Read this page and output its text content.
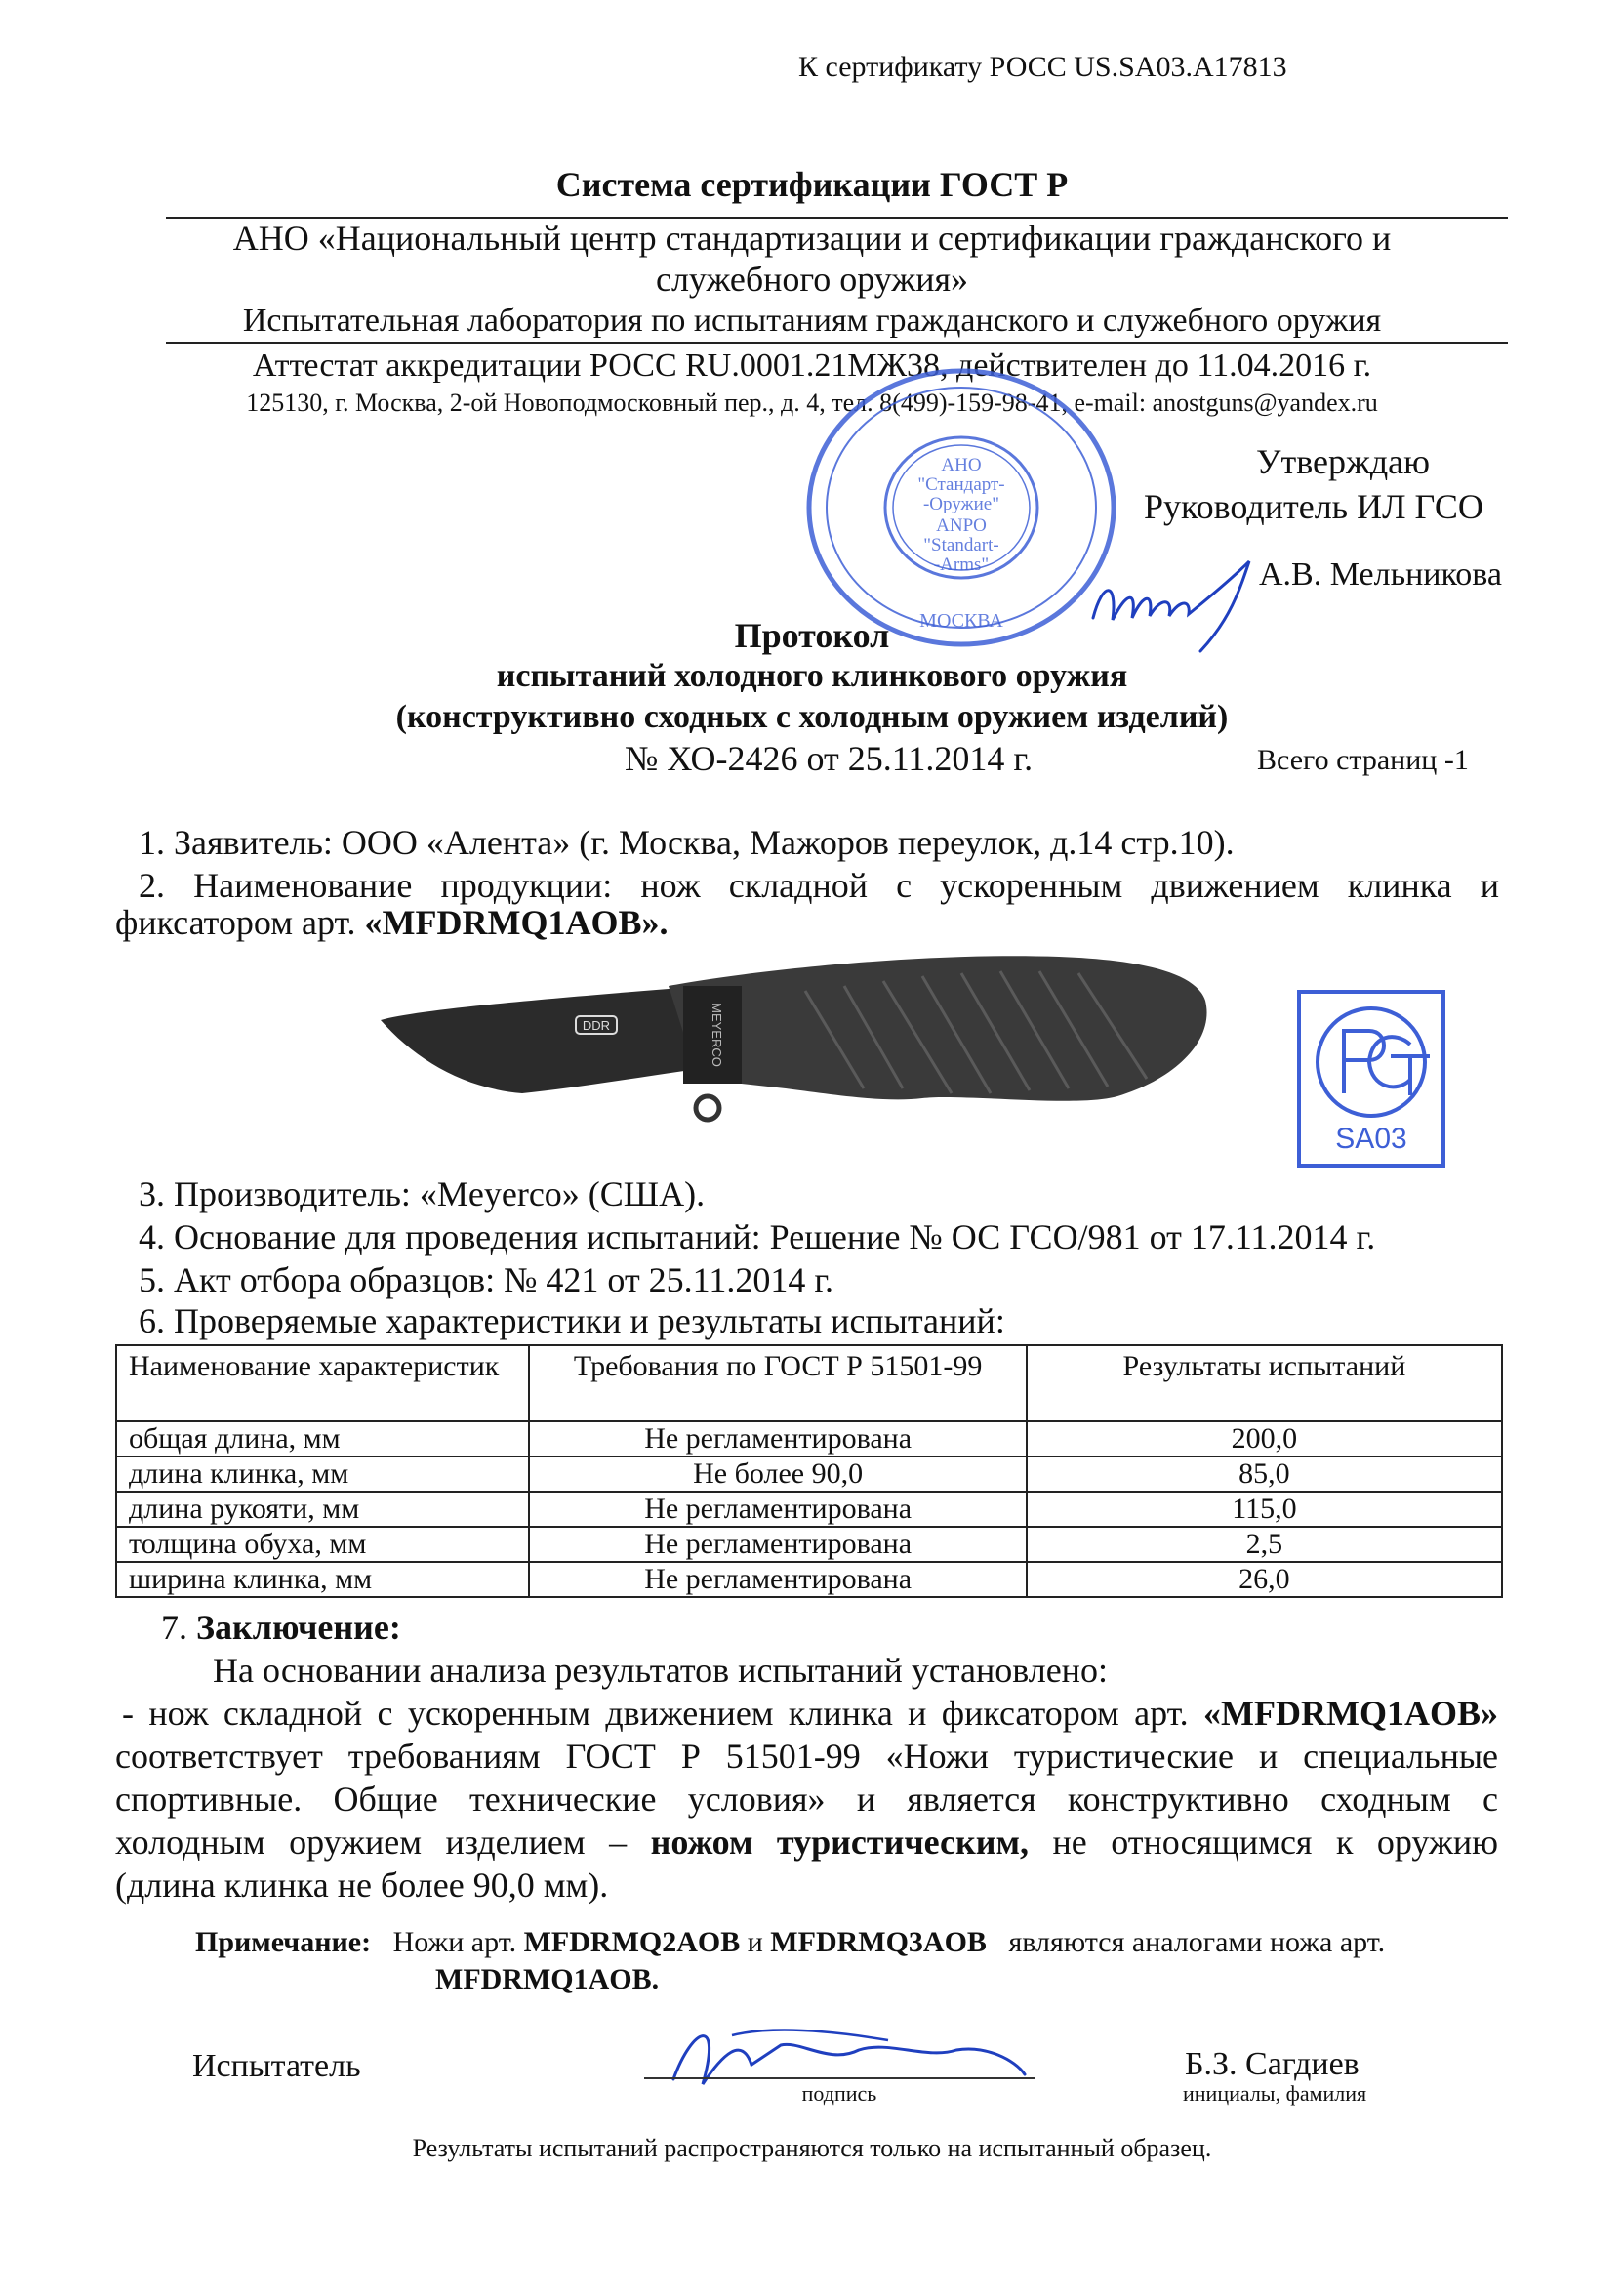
К сертификату РОСС US.SA03.A17813
Система сертификации ГОСТ Р
АНО «Национальный центр стандартизации и сертификации гражданского и
служебного оружия»
Испытательная лаборатория по испытаниям гражданского и служебного оружия
Аттестат аккредитации РОСС RU.0001.21МЖ38, действителен до 11.04.2016 г.
125130, г. Москва, 2-ой Новоподмосковный пер., д. 4, тел. 8(499)-159-98-41, e-mail: anostguns@yandex.ru
АНО
"Стандарт-
-Оружие"
ANPO
"Standart-
-Arms"
МОСКВА
Утверждаю
Руководитель ИЛ ГСО
А.В. Мельникова
Протокол
испытаний холодного клинкового оружия
(конструктивно сходных с холодным оружием изделий)
№ ХО-2426 от 25.11.2014 г.	Всего страниц -1
1. Заявитель: ООО «Алента» (г. Москва, Мажоров переулок, д.14 стр.10).
2. Наименование продукции: нож складной с ускоренным движением клинка и
фиксатором арт. «MFDRMQ1AOB».
DDR	MEYERCO
SA03
3. Производитель: «Meyerco» (США).
4. Основание для проведения испытаний: Решение № ОС ГСО/981 от 17.11.2014 г.
5. Акт отбора образцов: № 421 от 25.11.2014 г.
6. Проверяемые характеристики и результаты испытаний:
Наименование характеристик	Требования по ГОСТ Р 51501-99	Результаты испытаний
общая длина, мм	Не регламентирована	200,0
длина клинка, мм	Не более 90,0	85,0
длина рукояти, мм	Не регламентирована	115,0
толщина обуха, мм	Не регламентирована	2,5
ширина клинка, мм	Не регламентирована	26,0
7. Заключение:
На основании анализа результатов испытаний установлено:
- нож складной с ускоренным движением клинка и фиксатором арт. «MFDRMQ1AOB»
соответствует требованиям ГОСТ Р 51501-99 «Ножи туристические и специальные
спортивные. Общие технические условия» и является конструктивно сходным с
холодным оружием изделием – ножом туристическим, не относящимся к оружию
(длина клинка не более 90,0 мм).
Примечание: Ножи арт. MFDRMQ2AOB и MFDRMQ3AOB являются аналогами ножа арт.
MFDRMQ1AOB.
Испытатель
подпись
Б.З. Сагдиев
инициалы, фамилия
Результаты испытаний распространяются только на испытанный образец.
